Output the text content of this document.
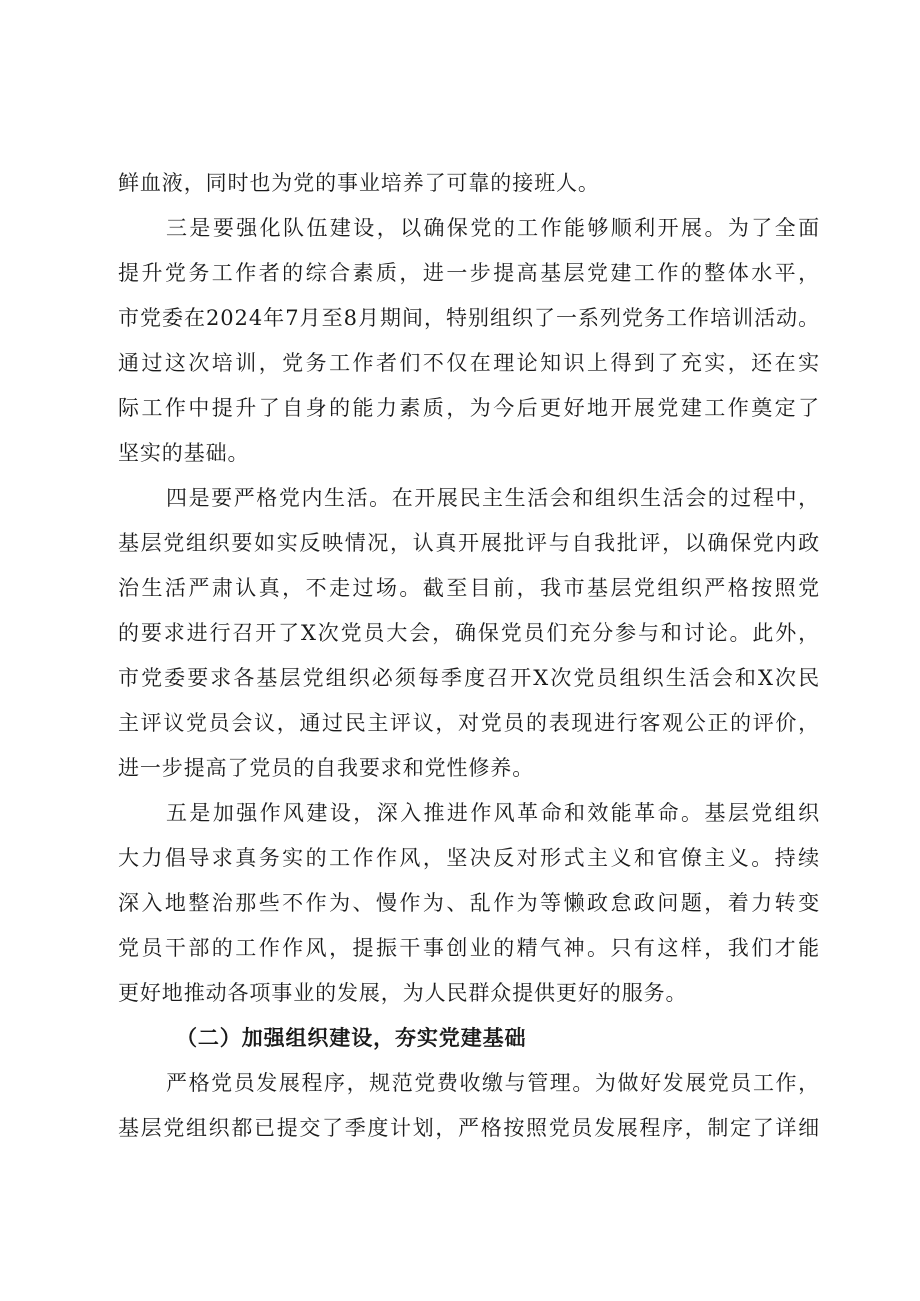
鲜血液，同时也为党的事业培养了可靠的接班人。
三是要强化队伍建设，以确保党的工作能够顺利开展。为了全面
提升党务工作者的综合素质，进一步提高基层党建工作的整体水平，
市党委在2024年7月至8月期间，特别组织了一系列党务工作培训活动。
通过这次培训，党务工作者们不仅在理论知识上得到了充实，还在实
际工作中提升了自身的能力素质，为今后更好地开展党建工作奠定了
坚实的基础。
四是要严格党内生活。在开展民主生活会和组织生活会的过程中，
基层党组织要如实反映情况，认真开展批评与自我批评，以确保党内政
治生活严肃认真，不走过场。截至目前，我市基层党组织严格按照党
的要求进行召开了X次党员大会，确保党员们充分参与和讨论。此外，
市党委要求各基层党组织必须每季度召开X次党员组织生活会和X次民
主评议党员会议，通过民主评议，对党员的表现进行客观公正的评价，
进一步提高了党员的自我要求和党性修养。
五是加强作风建设，深入推进作风革命和效能革命。基层党组织
大力倡导求真务实的工作作风，坚决反对形式主义和官僚主义。持续
深入地整治那些不作为、慢作为、乱作为等懒政怠政问题，着力转变
党员干部的工作作风，提振干事创业的精气神。只有这样，我们才能
更好地推动各项事业的发展，为人民群众提供更好的服务。
（二）加强组织建设，夯实党建基础
严格党员发展程序，规范党费收缴与管理。为做好发展党员工作，
基层党组织都已提交了季度计划，严格按照党员发展程序，制定了详细
